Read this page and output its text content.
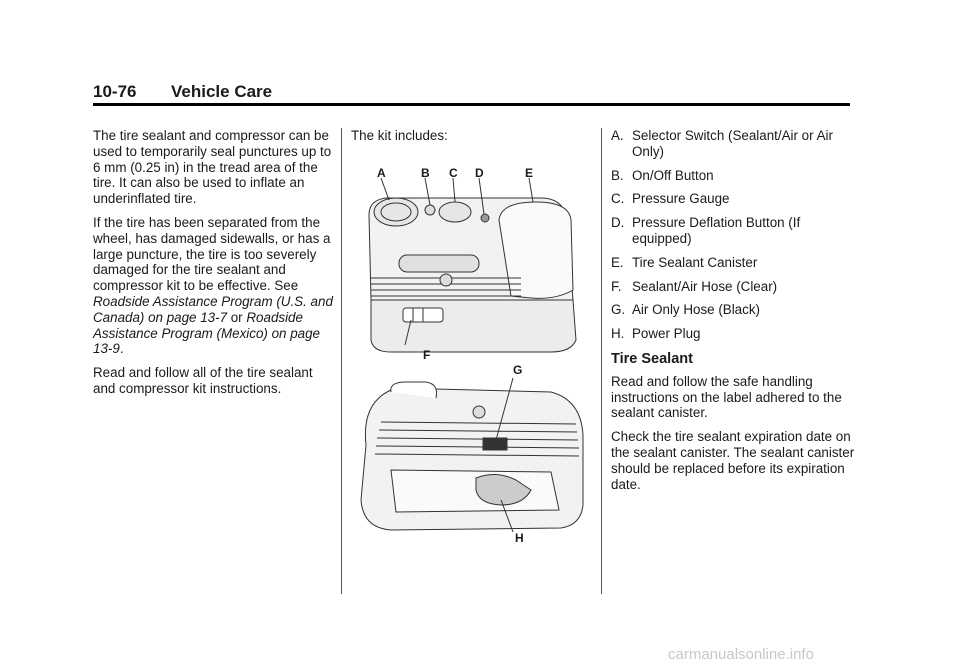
10-76 Vehicle Care

The tire sealant and compressor can be used to temporarily seal punctures up to 6 mm (0.25 in) in the tread area of the tire. It can also be used to inflate an underinflated tire.

If the tire has been separated from the wheel, has damaged sidewalls, or has a large puncture, the tire is too severely damaged for the tire sealant and compressor kit to be effective. See Roadside Assistance Program (U.S. and Canada) on page 13-7 or Roadside Assistance Program (Mexico) on page 13-9.

Read and follow all of the tire sealant and compressor kit instructions.

The kit includes:

A	B C D	E
F
G
H
A. Selector Switch (Sealant/Air or Air Only)
B. On/Off Button
C. Pressure Gauge
D. Pressure Deflation Button (If equipped)
E. Tire Sealant Canister
F. Sealant/Air Hose (Clear)
G. Air Only Hose (Black)
H. Power Plug
Tire Sealant

Read and follow the safe handling instructions on the label adhered to the sealant canister.

Check the tire sealant expiration date on the sealant canister. The sealant canister should be replaced before its expiration date.

carmanualsonline.info
